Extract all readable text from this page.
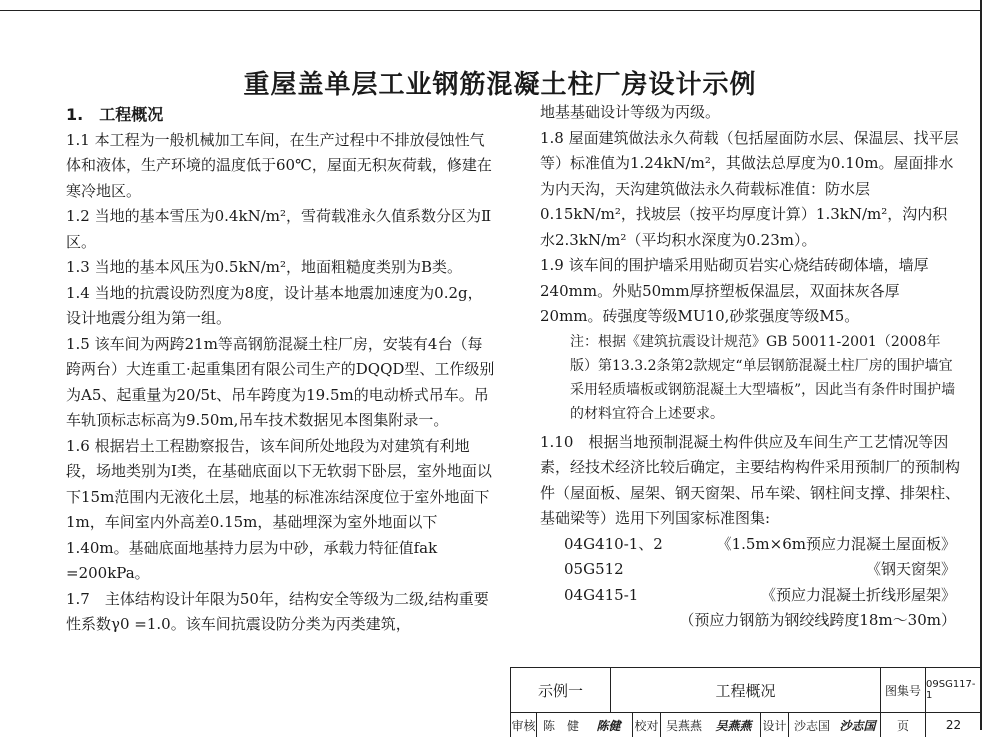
重屋盖单层工业钢筋混凝土柱厂房设计示例

1.　工程概况

1.1 本工程为一般机械加工车间，在生产过程中不排放侵蚀性气体和液体，生产环境的温度低于60℃，屋面无积灰荷载，修建在寒冷地区。

1.2 当地的基本雪压为0.4kN/m²，雪荷载准永久值系数分区为Ⅱ区。

1.3 当地的基本风压为0.5kN/m²，地面粗糙度类别为B类。

1.4 当地的抗震设防烈度为8度，设计基本地震加速度为0.2g，设计地震分组为第一组。

1.5 该车间为两跨21m等高钢筋混凝土柱厂房，安装有4台（每跨两台）大连重工·起重集团有限公司生产的DQQD型、工作级别为A5、起重量为20/5t、吊车跨度为19.5m的电动桥式吊车。吊车轨顶标志标高为9.50m,吊车技术数据见本图集附录一。

1.6 根据岩土工程勘察报告，该车间所处地段为对建筑有利地段，场地类别为Ⅰ类，在基础底面以下无软弱下卧层，室外地面以下15m范围内无液化土层，地基的标准冻结深度位于室外地面下1m，车间室内外高差0.15m，基础埋深为室外地面以下1.40m。基础底面地基持力层为中砂，承载力特征值fak =200kPa。

1.7　主体结构设计年限为50年，结构安全等级为二级,结构重要性系数γ0 =1.0。该车间抗震设防分类为丙类建筑，

地基基础设计等级为丙级。

1.8 屋面建筑做法永久荷载（包括屋面防水层、保温层、找平层等）标准值为1.24kN/m²，其做法总厚度为0.10m。屋面排水为内天沟，天沟建筑做法永久荷载标准值：防水层0.15kN/m²，找坡层（按平均厚度计算）1.3kN/m²，沟内积水2.3kN/m²（平均积水深度为0.23m）。

1.9 该车间的围护墙采用贴砌页岩实心烧结砖砌体墙，墙厚240mm。外贴50mm厚挤塑板保温层，双面抹灰各厚20mm。砖强度等级MU10,砂浆强度等级M5。

注：根据《建筑抗震设计规范》GB 50011-2001（2008年版）第13.3.2条第2款规定“单层钢筋混凝土柱厂房的围护墙宜采用轻质墙板或钢筋混凝土大型墙板”，因此当有条件时围护墙的材料宜符合上述要求。

1.10　根据当地预制混凝土构件供应及车间生产工艺情况等因素，经技术经济比较后确定，主要结构构件采用预制厂的预制构件（屋面板、屋架、钢天窗架、吊车梁、钢柱间支撑、排架柱、基础梁等）选用下列国家标准图集:

04G410-1、2	《1.5m×6m预应力混凝土屋面板》
05G512	《钢天窗架》
04G415-1	《预应力混凝土折线形屋架》
（预应力钢筋为钢绞线跨度18m～30m）
示例一	工程概况	图集号 09SG117-1
审核 陈　健	陈健	校对 吴燕燕	吴燕燕 设计 沙志国 沙志国	页	22
